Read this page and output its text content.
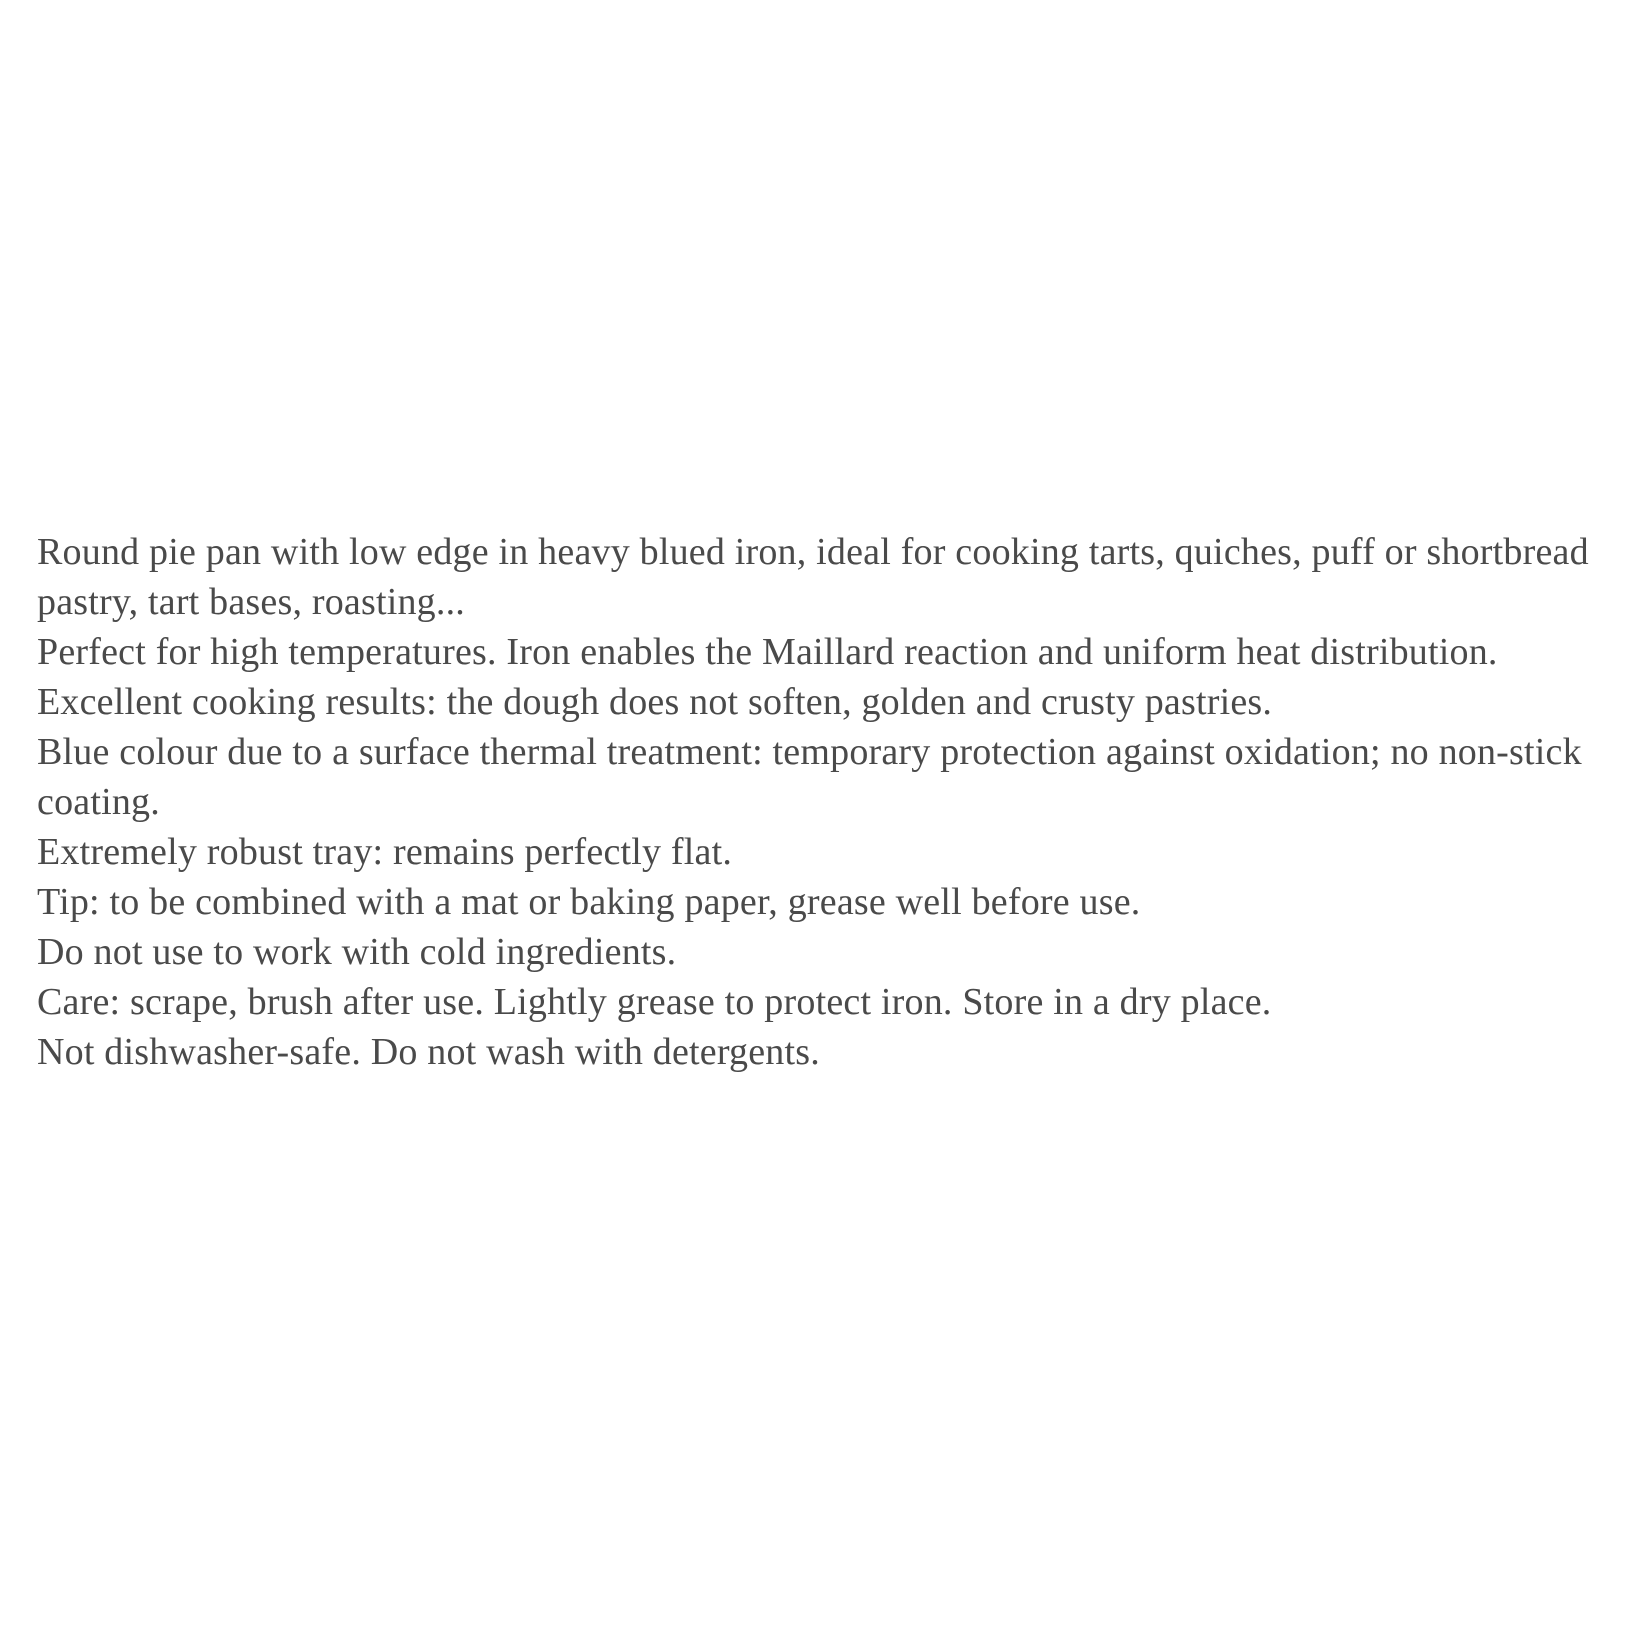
Round pie pan with low edge in heavy blued iron, ideal for cooking tarts, quiches, puff or shortbread pastry, tart bases, roasting...

Perfect for high temperatures. Iron enables the Maillard reaction and uniform heat distribution. Excellent cooking results: the dough does not soften, golden and crusty pastries.

Blue colour due to a surface thermal treatment: temporary protection against oxidation; no non-stick coating.

Extremely robust tray: remains perfectly flat.

Tip: to be combined with a mat or baking paper, grease well before use.

Do not use to work with cold ingredients.

Care: scrape, brush after use. Lightly grease to protect iron. Store in a dry place.

Not dishwasher-safe. Do not wash with detergents.
